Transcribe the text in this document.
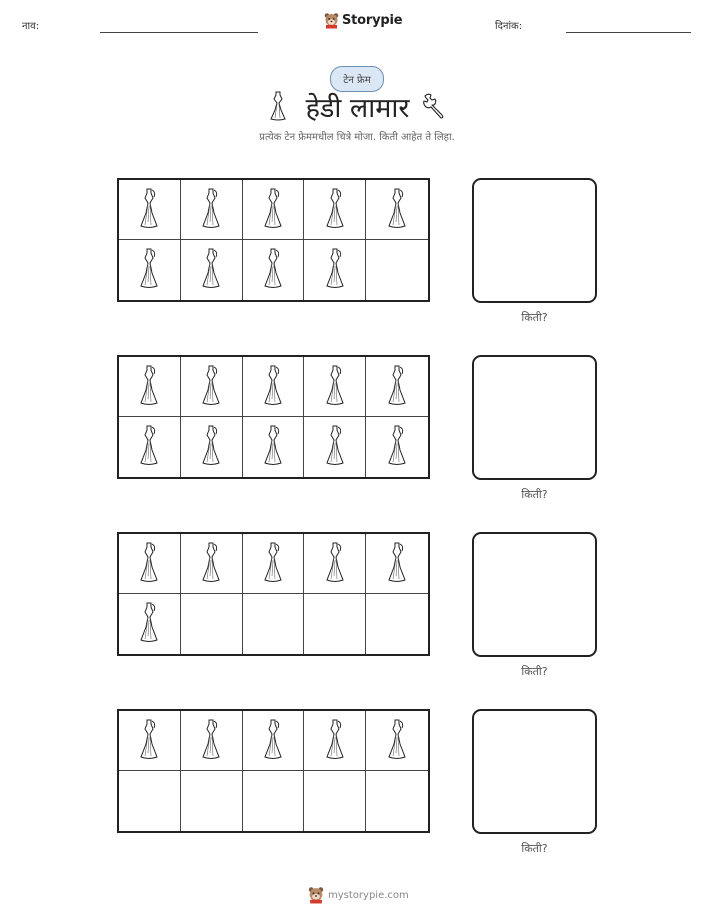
नाव:	Storypie	दिनांक:
टेन फ्रेम
हेडी लामार
प्रत्येक टेन फ्रेममधील चित्रे मोजा. किती आहेत ते लिहा.
किती?
किती?
किती?
किती?
mystorypie.com
